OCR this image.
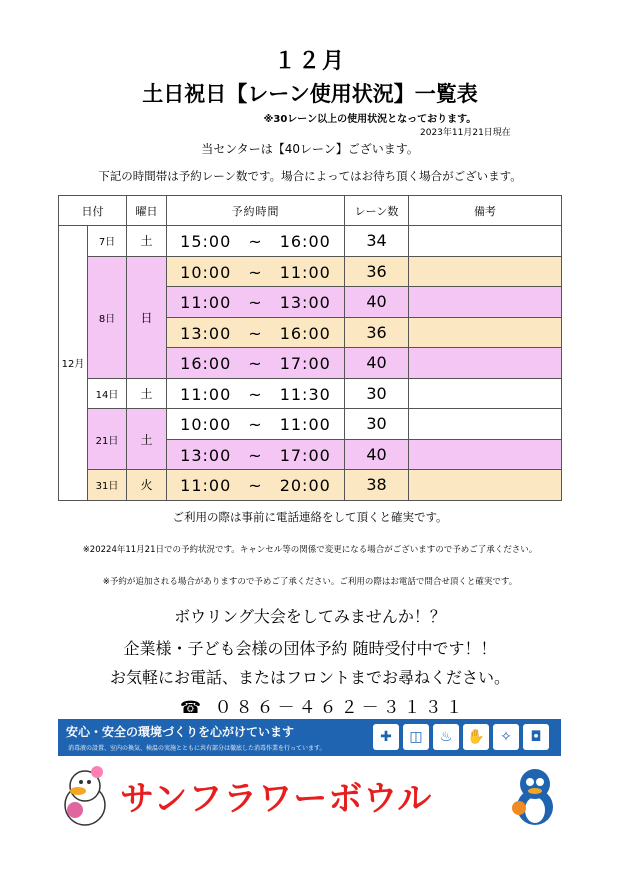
１２月
土日祝日【レーン使用状況】一覧表
※30レーン以上の使用状況となっております。
2023年11月21日現在
当センターは【40レーン】ございます。
下記の時間帯は予約レーン数です。場合によってはお待ち頂く場合がございます。
日付		曜日	予約時間	レーン数	備考
12月	7日	土	15:00　~　16:00	34	
	8日	日	10:00　~　11:00	36	
			11:00　~　13:00	40	
			13:00　~　16:00	36	
			16:00　~　17:00	40	
	14日	土	11:00　~　11:30	30	
	21日	土	10:00　~　11:00	30	
			13:00　~　17:00	40	
	31日	火	11:00　~　20:00	38	
ご利用の際は事前に電話連絡をして頂くと確実です。
※20224年11月21日での予約状況です。キャンセル等の関係で変更になる場合がございますので予めご了承ください。
※予約が追加される場合がありますので予めご了承ください。ご利用の際はお電話で問合せ頂くと確実です。
ボウリング大会をしてみませんか！？
企業様・子ども会様の団体予約 随時受付中です！！
お気軽にお電話、またはフロントまでお尋ねください。
☎ ０８６－４６２－３１３１
安心・安全の環境づくりを心がけています
消毒液の設置、室内の換気、検温の実施とともに共有部分は徹底した消毒作業を行っています。
✚	◫	♨	✋	✧	◘
サンフラワーボウル
